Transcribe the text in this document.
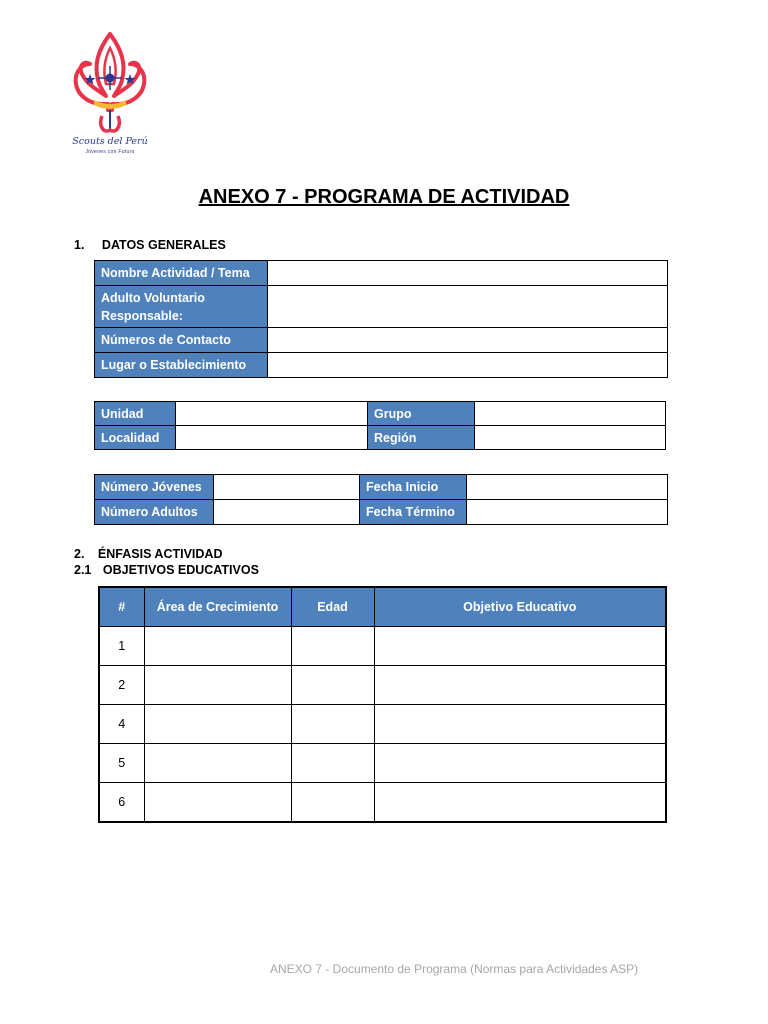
Scouts del Perú
Jóvenes con Futuro
ANEXO 7 - PROGRAMA DE ACTIVIDAD
1. DATOS GENERALES
Nombre Actividad / Tema	
Adulto Voluntario Responsable:	
Números de Contacto	
Lugar o Establecimiento	
Unidad		Grupo	
Localidad		Región	
Número Jóvenes		Fecha Inicio	
Número Adultos		Fecha Término	
2. ÉNFASIS ACTIVIDAD
2.1 OBJETIVOS EDUCATIVOS
#	Área de Crecimiento	Edad	Objetivo Educativo
1			
2			
4			
5			
6			
ANEXO 7 - Documento de Programa (Normas para Actividades ASP)
